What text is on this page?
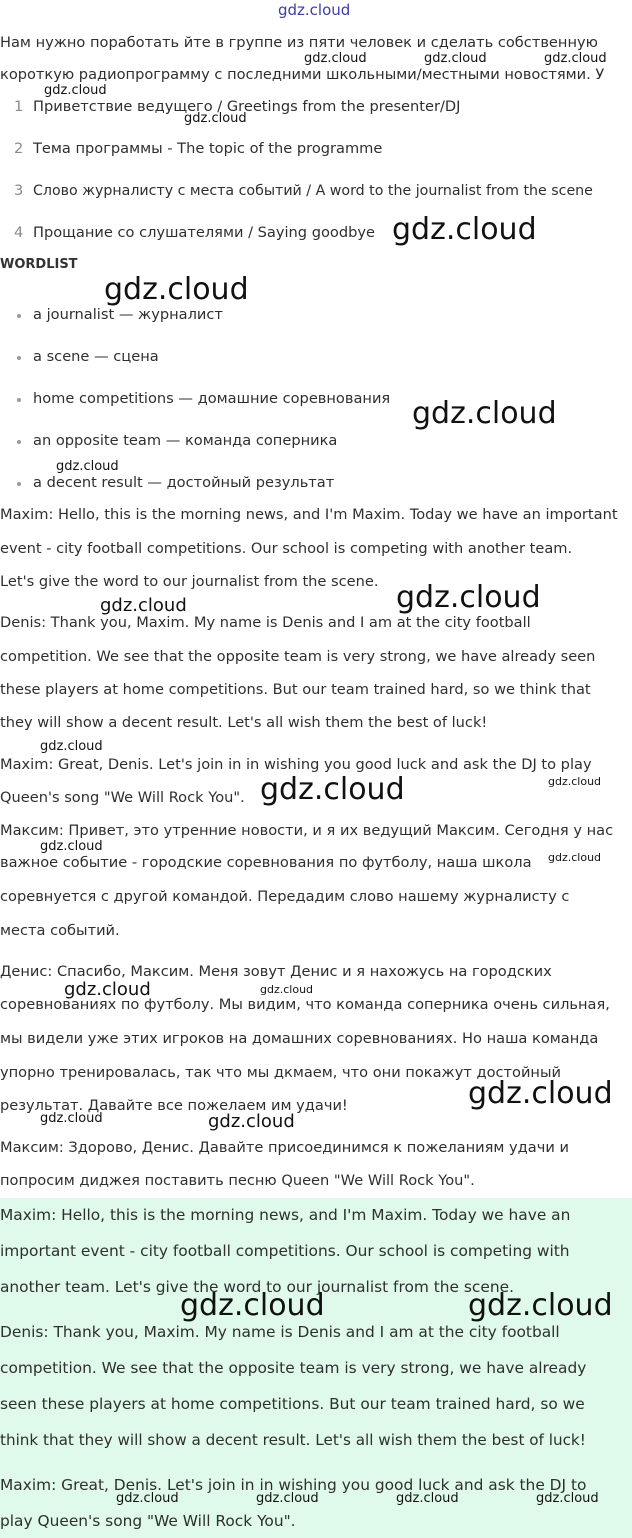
Нам нужно поработать йте в группе из пяти человек и сделать собственную
короткую радиопрограмму с последними школьными/местными новостями. У
1 Приветствие ведущего / Greetings from the presenter/DJ
2 Тема программы - The topic of the programme
3 Слово журналисту с места событий / A word to the journalist from the scene
4 Прощание со слушателями / Saying goodbye
WORDLIST
a journalist — журналист
a scene — сцена
home competitions — домашние соревнования
an opposite team — команда соперника
a decent result — достойный результат
Maxim: Hello, this is the morning news, and I'm Maxim. Today we have an important
event - city football competitions. Our school is competing with another team.
Let's give the word to our journalist from the scene.
Denis: Thank you, Maxim. My name is Denis and I am at the city football
competition. We see that the opposite team is very strong, we have already seen
these players at home competitions. But our team trained hard, so we think that
they will show a decent result. Let's all wish them the best of luck!
Maxim: Great, Denis. Let's join in in wishing you good luck and ask the DJ to play
Queen's song "We Will Rock You".
Максим: Привет, это утренние новости, и я их ведущий Максим. Сегодня у нас
важное событие - городские соревнования по футболу, наша школа
соревнуется с другой командой. Передадим слово нашему журналисту с
места событий.
Денис: Спасибо, Максим. Меня зовут Денис и я нахожусь на городских
соревнованиях по футболу. Мы видим, что команда соперника очень сильная,
мы видели уже этих игроков на домашних соревнованиях. Но наша команда
упорно тренировалась, так что мы дкмаем, что они покажут достойный
результат. Давайте все пожелаем им удачи!
Максим: Здорово, Денис. Давайте присоединимся к пожеланиям удачи и
попросим диджея поставить песню Queen "We Will Rock You".
Maxim: Hello, this is the morning news, and I'm Maxim. Today we have an
important event - city football competitions. Our school is competing with
another team. Let's give the word to our journalist from the scene.
Denis: Thank you, Maxim. My name is Denis and I am at the city football
competition. We see that the opposite team is very strong, we have already
seen these players at home competitions. But our team trained hard, so we
think that they will show a decent result. Let's all wish them the best of luck!
Maxim: Great, Denis. Let's join in in wishing you good luck and ask the DJ to
play Queen's song "We Will Rock You".
gdz.cloud
gdz.cloud	gdz.cloud	gdz.cloud
gdz.cloud
gdz.cloud
gdz.cloud
gdz.cloud
gdz.cloud
gdz.cloud
gdz.cloud
gdz.cloud
gdz.cloud
gdz.cloud	gdz.cloud
gdz.cloud
gdz.cloud
gdz.cloud	gdz.cloud
gdz.cloud
gdz.cloud	gdz.cloud
gdz.cloud	gdz.cloud
gdz.cloud	gdz.cloud	gdz.cloud	gdz.cloud
